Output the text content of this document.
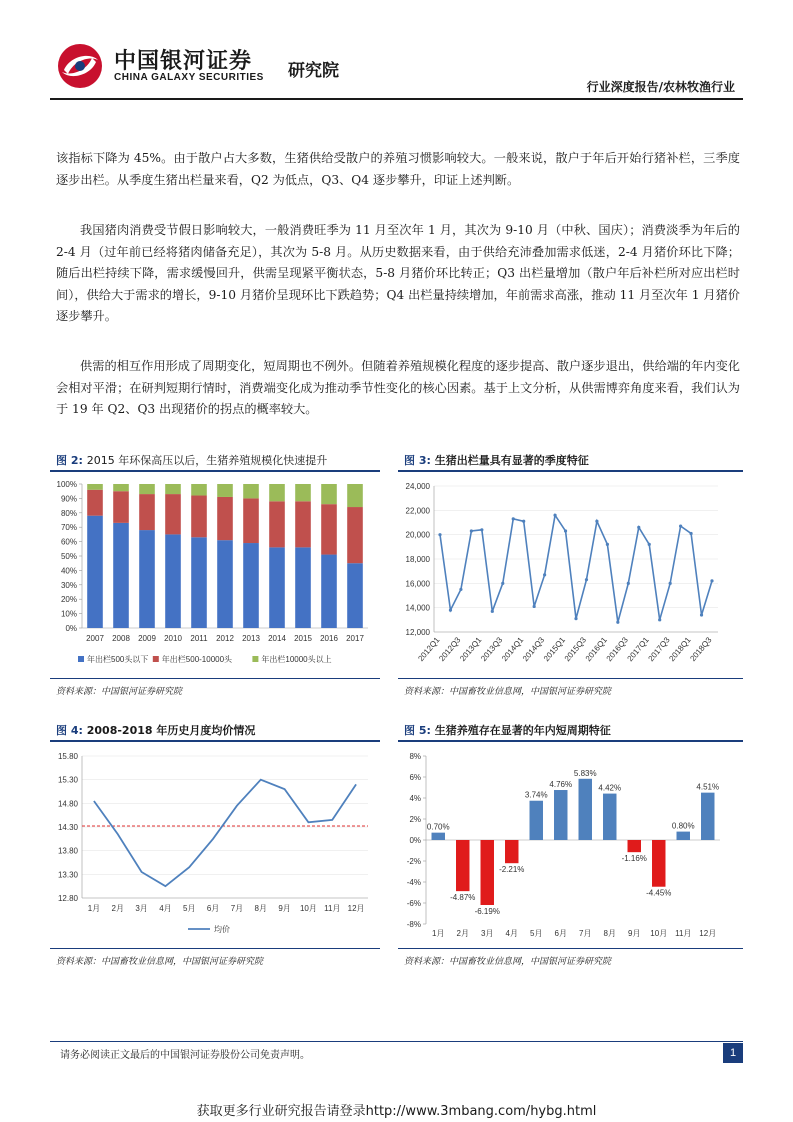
中国银河证券
CHINA GALAXY SECURITIES 研究院
行业深度报告/农林牧渔行业
该指标下降为 45%。由于散户占大多数，生猪供给受散户的养殖习惯影响较大。一般来说，散户于年后开始行猪补栏，三季度逐步出栏。从季度生猪出栏量来看，Q2 为低点，Q3、Q4 逐步攀升，印证上述判断。
我国猪肉消费受节假日影响较大，一般消费旺季为 11 月至次年 1 月，其次为 9-10 月（中秋、国庆）；消费淡季为年后的 2-4 月（过年前已经将猪肉储备充足），其次为 5-8 月。从历史数据来看，由于供给充沛叠加需求低迷，2-4 月猪价环比下降；随后出栏持续下降，需求缓慢回升，供需呈现紧平衡状态，5-8 月猪价环比转正；Q3 出栏量增加（散户年后补栏所对应出栏时间），供给大于需求的增长，9-10 月猪价呈现环比下跌趋势；Q4 出栏量持续增加，年前需求高涨，推动 11 月至次年 1 月猪价逐步攀升。
供需的相互作用形成了周期变化，短周期也不例外。但随着养殖规模化程度的逐步提高、散户逐步退出，供给端的年内变化会相对平滑；在研判短期行情时，消费端变化成为推动季节性变化的核心因素。基于上文分析，从供需博弈角度来看，我们认为于 19 年 Q2、Q3 出现猪价的拐点的概率较大。
图 2: 2015 年环保高压以后，生猪养殖规模化快速提升
0%
10%
20%
30%
40%
50%
60%
70%
80%
90%
100%
2007 2008 2009 2010 2011 2012 2013 2014 2015 2016 2017
年出栏500头以下 年出栏500-10000头	年出栏10000头以上
资料来源：中国银河证券研究院
图 3: 生猪出栏量具有显著的季度特征
12,000
14,000
16,000
18,000
20,000
22,000
24,000
2012Q1
2012Q3
2013Q1
2013Q3
2014Q1
2014Q3
2015Q1
2015Q3
2016Q1
2016Q3
2017Q1
2017Q3
2018Q1
2018Q3
资料来源：中国畜牧业信息网，中国银河证券研究院
图 4: 2008-2018 年历史月度均价情况
12.80
13.30
13.80
14.30
14.80
15.30
15.80
1月 2月 3月 4月 5月 6月 7月 8月 9月 10月 11月 12月
均价
资料来源：中国畜牧业信息网，中国银河证券研究院
图 5: 生猪养殖存在显著的年内短周期特征
-8%
-6%
-4%
-2%
0%
2%
4%
6%
8%
0.70%
1月
-4.87%
2月
-6.19%
3月
-2.21%
4月
3.74%
5月
4.76%
6月
5.83%
7月
4.42%
8月
-1.16%
9月
-4.45%
10月
0.80%
11月
4.51%
12月
资料来源：中国畜牧业信息网，中国银河证券研究院
请务必阅读正文最后的中国银河证券股份公司免责声明。	1
获取更多行业研究报告请登录http://www.3mbang.com/hybg.html
